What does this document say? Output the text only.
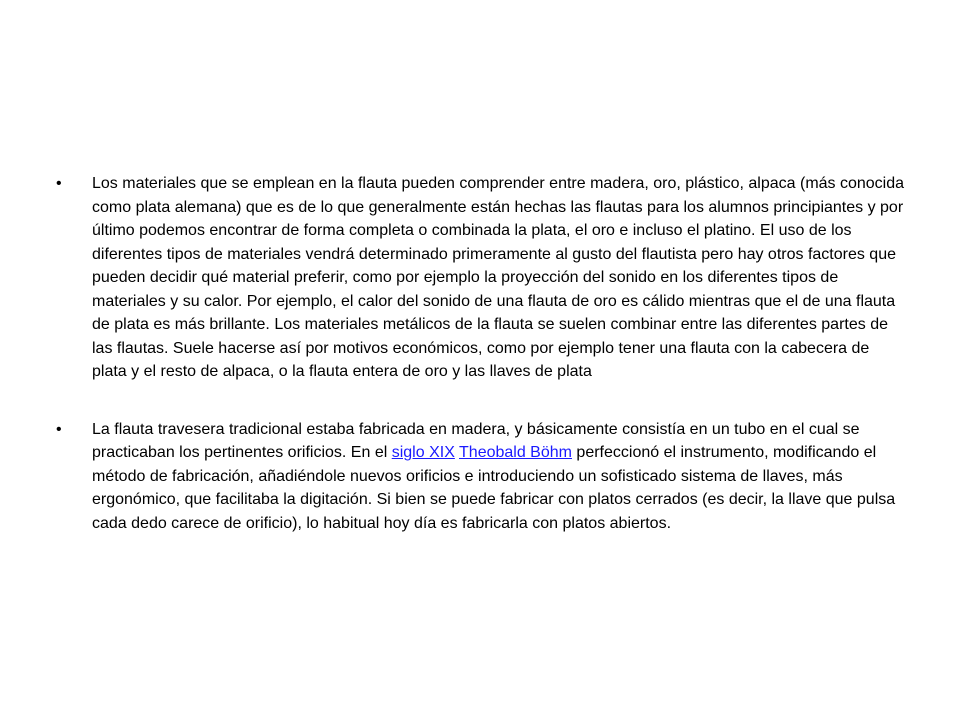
•	Los materiales que se emplean en la flauta pueden comprender entre madera, oro, plástico, alpaca (más conocida como plata alemana) que es de lo que generalmente están hechas las flautas para los alumnos principiantes y por último podemos encontrar de forma completa o combinada la plata, el oro e incluso el platino. El uso de los diferentes tipos de materiales vendrá determinado primeramente al gusto del flautista pero hay otros factores que pueden decidir qué material preferir, como por ejemplo la proyección del sonido en los diferentes tipos de materiales y su calor. Por ejemplo, el calor del sonido de una flauta de oro es cálido mientras que el de una flauta de plata es más brillante. Los materiales metálicos de la flauta se suelen combinar entre las diferentes partes de las flautas. Suele hacerse así por motivos económicos, como por ejemplo tener una flauta con la cabecera de plata y el resto de alpaca, o la flauta entera de oro y las llaves de plata
•	La flauta travesera tradicional estaba fabricada en madera, y básicamente consistía en un tubo en el cual se practicaban los pertinentes orificios. En el siglo XIX Theobald Böhm perfeccionó el instrumento, modificando el método de fabricación, añadiéndole nuevos orificios e introduciendo un sofisticado sistema de llaves, más ergonómico, que facilitaba la digitación. Si bien se puede fabricar con platos cerrados (es decir, la llave que pulsa cada dedo carece de orificio), lo habitual hoy día es fabricarla con platos abiertos.
